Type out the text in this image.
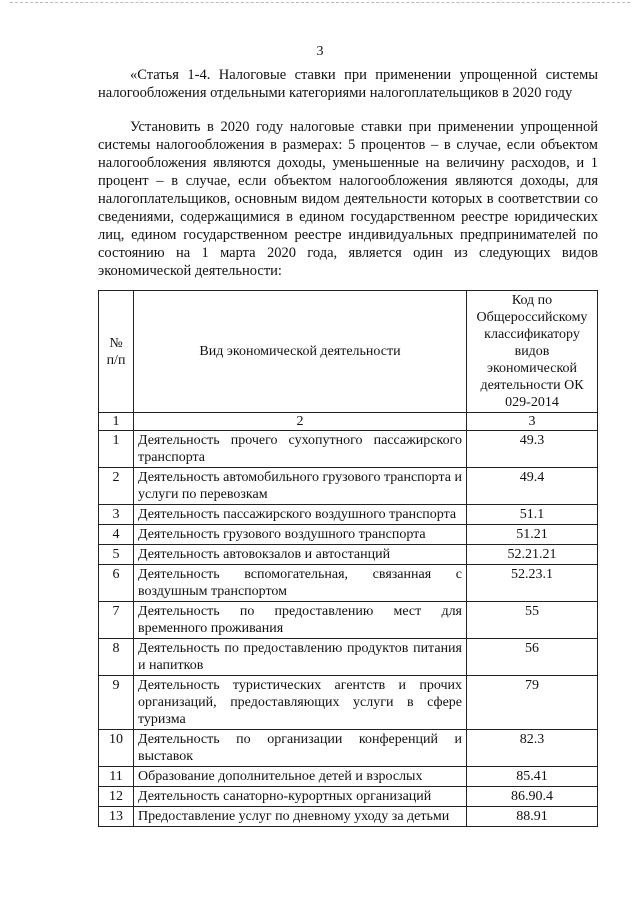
3
«Статья 1-4. Налоговые ставки при применении упрощенной системы налогообложения отдельными категориями налогоплательщиков в 2020 году
Установить в 2020 году налоговые ставки при применении упрощенной системы налогообложения в размерах: 5 процентов – в случае, если объектом налогообложения являются доходы, уменьшенные на величину расходов, и 1 процент – в случае, если объектом налогообложения являются доходы, для налогоплательщиков, основным видом деятельности которых в соответствии со сведениями, содержащимися в едином государственном реестре юридических лиц, едином государственном реестре индивидуальных предпринимателей по состоянию на 1 марта 2020 года, является один из следующих видов экономической деятельности:
№ п/п	Вид экономической деятельности	Код по Общероссийскому классификатору видов экономической деятельности ОК 029-2014
1	2	3
1	Деятельность прочего сухопутного пассажирского транспорта	49.3
2	Деятельность автомобильного грузового транспорта и услуги по перевозкам	49.4
3	Деятельность пассажирского воздушного транспорта	51.1
4	Деятельность грузового воздушного транспорта	51.21
5	Деятельность автовокзалов и автостанций	52.21.21
6	Деятельность вспомогательная, связанная с воздушным транспортом	52.23.1
7	Деятельность по предоставлению мест для временного проживания	55
8	Деятельность по предоставлению продуктов питания и напитков	56
9	Деятельность туристических агентств и прочих организаций, предоставляющих услуги в сфере туризма	79
10	Деятельность по организации конференций и выставок	82.3
11	Образование дополнительное детей и взрослых	85.41
12	Деятельность санаторно-курортных организаций	86.90.4
13	Предоставление услуг по дневному уходу за детьми	88.91
